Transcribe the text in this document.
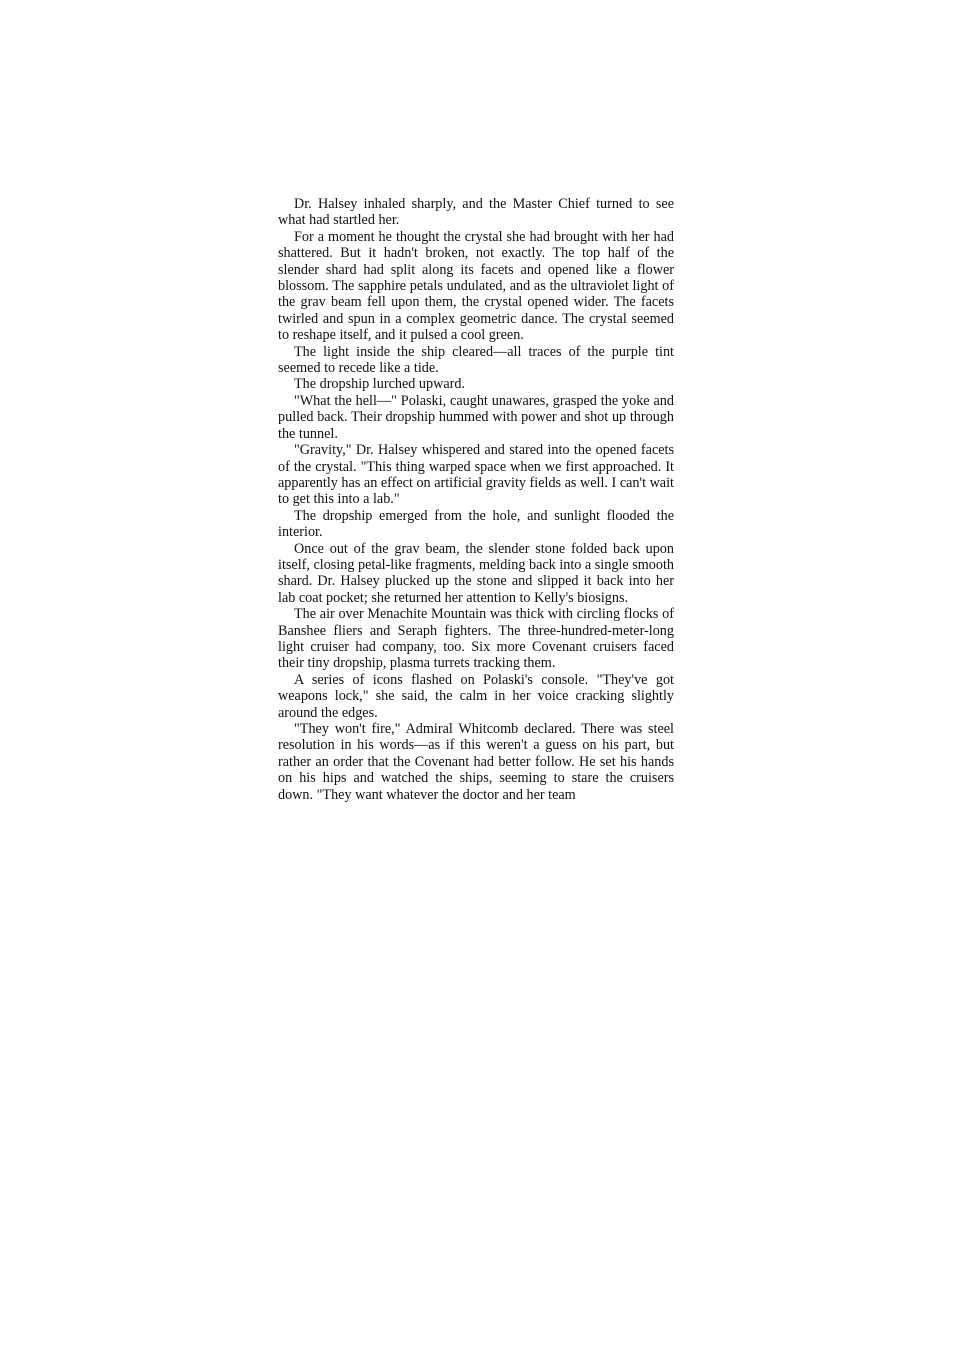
Dr. Halsey inhaled sharply, and the Master Chief turned to see what had startled her.

For a moment he thought the crystal she had brought with her had shattered. But it hadn't broken, not exactly. The top half of the slender shard had split along its facets and opened like a flower blossom. The sapphire petals undulated, and as the ultraviolet light of the grav beam fell upon them, the crystal opened wider. The facets twirled and spun in a complex geometric dance. The crystal seemed to reshape itself, and it pulsed a cool green.

The light inside the ship cleared—all traces of the purple tint seemed to recede like a tide.

The dropship lurched upward.

"What the hell—" Polaski, caught unawares, grasped the yoke and pulled back. Their dropship hummed with power and shot up through the tunnel.

"Gravity," Dr. Halsey whispered and stared into the opened facets of the crystal. "This thing warped space when we first approached. It apparently has an effect on artificial gravity fields as well. I can't wait to get this into a lab."

The dropship emerged from the hole, and sunlight flooded the interior.

Once out of the grav beam, the slender stone folded back upon itself, closing petal-like fragments, melding back into a single smooth shard. Dr. Halsey plucked up the stone and slipped it back into her lab coat pocket; she returned her attention to Kelly's biosigns.

The air over Menachite Mountain was thick with circling flocks of Banshee fliers and Seraph fighters. The three-hundred-meter-long light cruiser had company, too. Six more Covenant cruisers faced their tiny dropship, plasma turrets tracking them.

A series of icons flashed on Polaski's console. "They've got weapons lock," she said, the calm in her voice cracking slightly around the edges.

"They won't fire," Admiral Whitcomb declared. There was steel resolution in his words—as if this weren't a guess on his part, but rather an order that the Covenant had better follow. He set his hands on his hips and watched the ships, seeming to stare the cruisers down. "They want whatever the doctor and her team
